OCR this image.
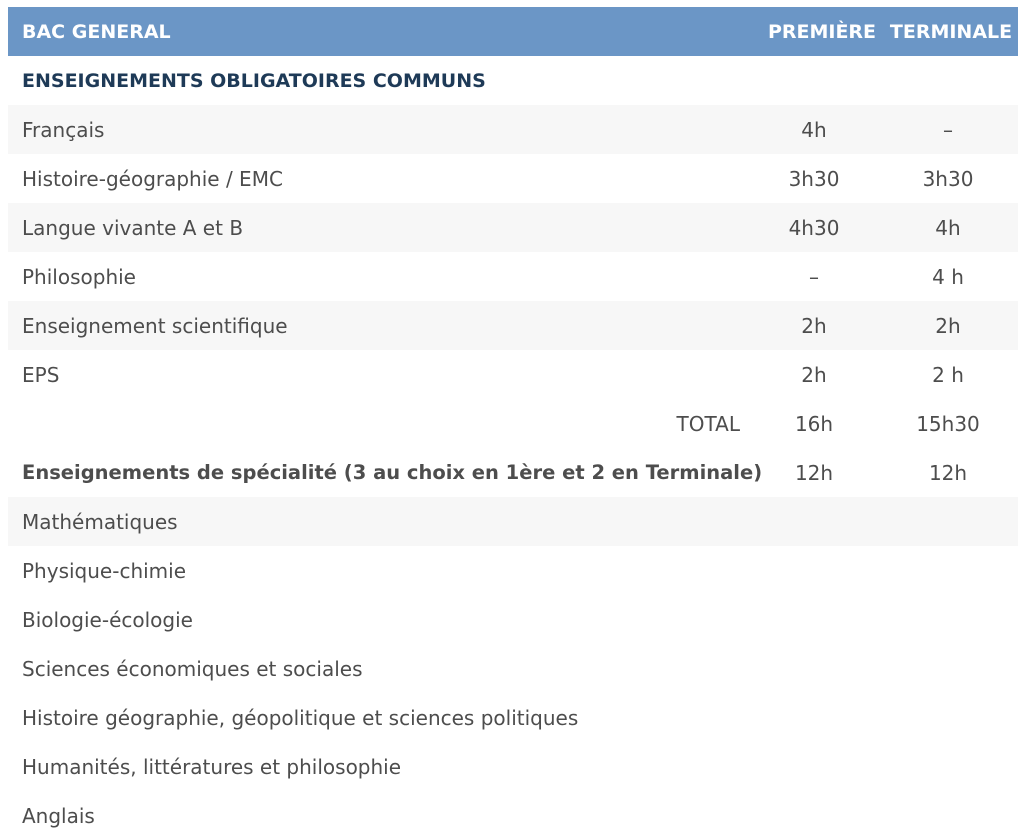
BAC GENERAL	PREMIÈRE TERMINALE
ENSEIGNEMENTS OBLIGATOIRES COMMUNS
Français	4h	–
Histoire-géographie / EMC	3h30	3h30
Langue vivante A et B	4h30	4h
Philosophie	–	4 h
Enseignement scientifique	2h	2h
EPS	2h	2 h
TOTAL	16h	15h30
Enseignements de spécialité (3 au choix en 1ère et 2 en Terminale)	12h	12h
Mathématiques
Physique-chimie
Biologie-écologie
Sciences économiques et sociales
Histoire géographie, géopolitique et sciences politiques
Humanités, littératures et philosophie
Anglais
